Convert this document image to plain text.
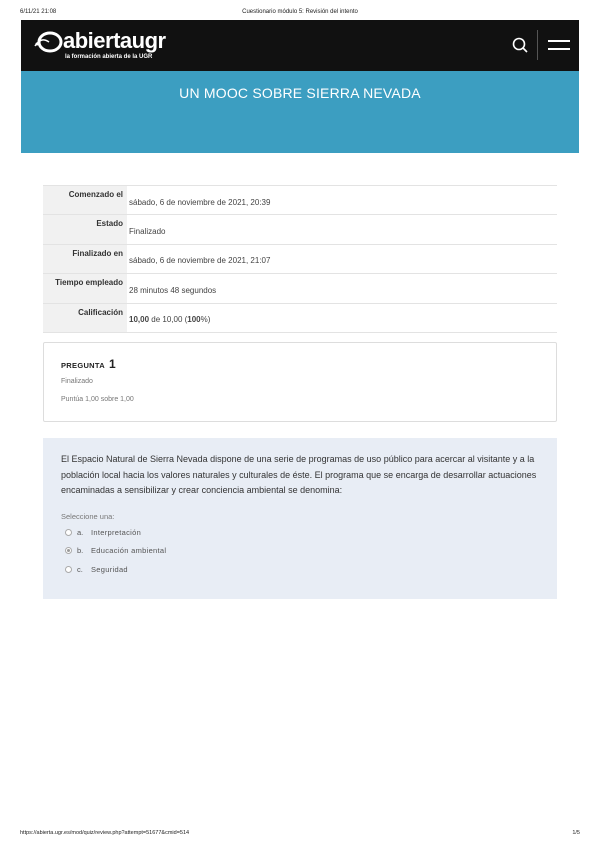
6/11/21 21:08	Cuestionario módulo 5: Revisión del intento
abiertaugr
la formación abierta de la UGR
UN MOOC SOBRE SIERRA NEVADA
Comenzado el	sábado, 6 de noviembre de 2021, 20:39
Estado	Finalizado
Finalizado en	sábado, 6 de noviembre de 2021, 21:07
Tiempo empleado	28 minutos 48 segundos
Calificación	10,00 de 10,00 (100%)
PREGUNTA 1
Finalizado
Puntúa 1,00 sobre 1,00
El Espacio Natural de Sierra Nevada dispone de una serie de programas de uso público para acercar al visitante y a la población local hacia los valores naturales y culturales de éste. El programa que se encarga de desarrollar actuaciones encaminadas a sensibilizar y crear conciencia ambiental se denomina:
Seleccione una:
a. Interpretación
b. Educación ambiental
c. Seguridad
https://abierta.ugr.es/mod/quiz/review.php?attempt=51677&cmid=514	1/5
